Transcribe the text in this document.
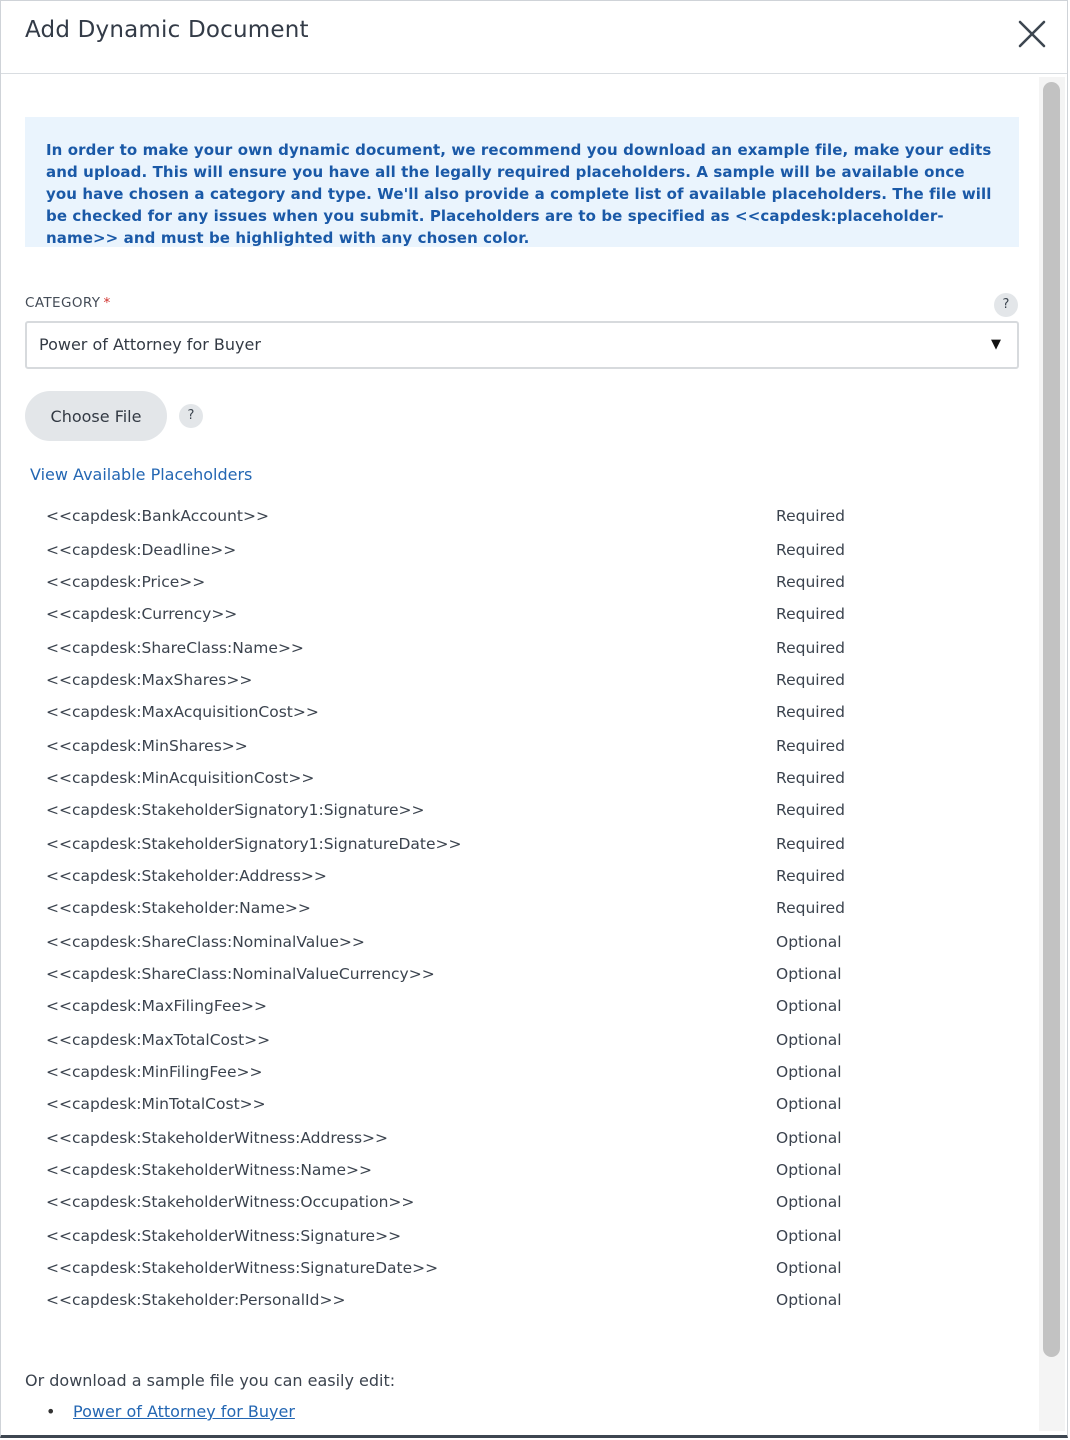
Add Dynamic Document
In order to make your own dynamic document, we recommend you download an example file, make your edits and upload. This will ensure you have all the legally required placeholders. A sample will be available once you have chosen a category and type. We'll also provide a complete list of available placeholders. The file will be checked for any issues when you submit. Placeholders are to be specified as <<capdesk:placeholder-name>> and must be highlighted with any chosen color.
CATEGORY *	?
Power of Attorney for Buyer	▼
Choose File	?
View Available Placeholders
<<capdesk:BankAccount>>	Required
<<capdesk:Deadline>>	Required
<<capdesk:Price>>	Required
<<capdesk:Currency>>	Required
<<capdesk:ShareClass:Name>>	Required
<<capdesk:MaxShares>>	Required
<<capdesk:MaxAcquisitionCost>>	Required
<<capdesk:MinShares>>	Required
<<capdesk:MinAcquisitionCost>>	Required
<<capdesk:StakeholderSignatory1:Signature>>	Required
<<capdesk:StakeholderSignatory1:SignatureDate>>	Required
<<capdesk:Stakeholder:Address>>	Required
<<capdesk:Stakeholder:Name>>	Required
<<capdesk:ShareClass:NominalValue>>	Optional
<<capdesk:ShareClass:NominalValueCurrency>>	Optional
<<capdesk:MaxFilingFee>>	Optional
<<capdesk:MaxTotalCost>>	Optional
<<capdesk:MinFilingFee>>	Optional
<<capdesk:MinTotalCost>>	Optional
<<capdesk:StakeholderWitness:Address>>	Optional
<<capdesk:StakeholderWitness:Name>>	Optional
<<capdesk:StakeholderWitness:Occupation>>	Optional
<<capdesk:StakeholderWitness:Signature>>	Optional
<<capdesk:StakeholderWitness:SignatureDate>>	Optional
<<capdesk:Stakeholder:PersonalId>>	Optional
Or download a sample file you can easily edit:
• Power of Attorney for Buyer
